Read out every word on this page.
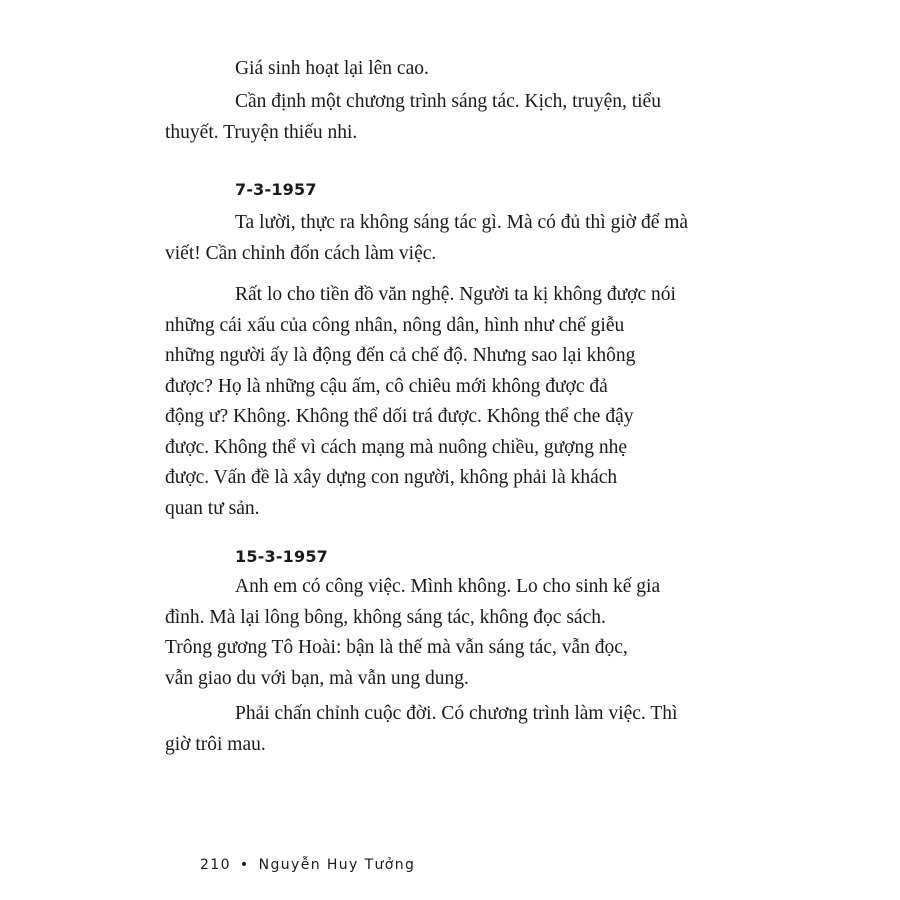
Giá sinh hoạt lại lên cao.

Cần định một chương trình sáng tác. Kịch, truyện, tiểu
thuyết. Truyện thiếu nhi.

7-3-1957

Ta lười, thực ra không sáng tác gì. Mà có đủ thì giờ để mà
viết! Cần chỉnh đốn cách làm việc.

Rất lo cho tiền đồ văn nghệ. Người ta kị không được nói
những cái xấu của công nhân, nông dân, hình như chế giễu
những người ấy là động đến cả chế độ. Nhưng sao lại không
được? Họ là những cậu ấm, cô chiêu mới không được đả
động ư? Không. Không thể dối trá được. Không thể che đậy
được. Không thể vì cách mạng mà nuông chiều, gượng nhẹ
được. Vấn đề là xây dựng con người, không phải là khách
quan tư sản.

15-3-1957

Anh em có công việc. Mình không. Lo cho sinh kế gia
đình. Mà lại lông bông, không sáng tác, không đọc sách.
Trông gương Tô Hoài: bận là thế mà vẫn sáng tác, vẫn đọc,
vẫn giao du với bạn, mà vẫn ung dung.

Phải chấn chỉnh cuộc đời. Có chương trình làm việc. Thì
giờ trôi mau.

210 • Nguyễn Huy Tưởng
